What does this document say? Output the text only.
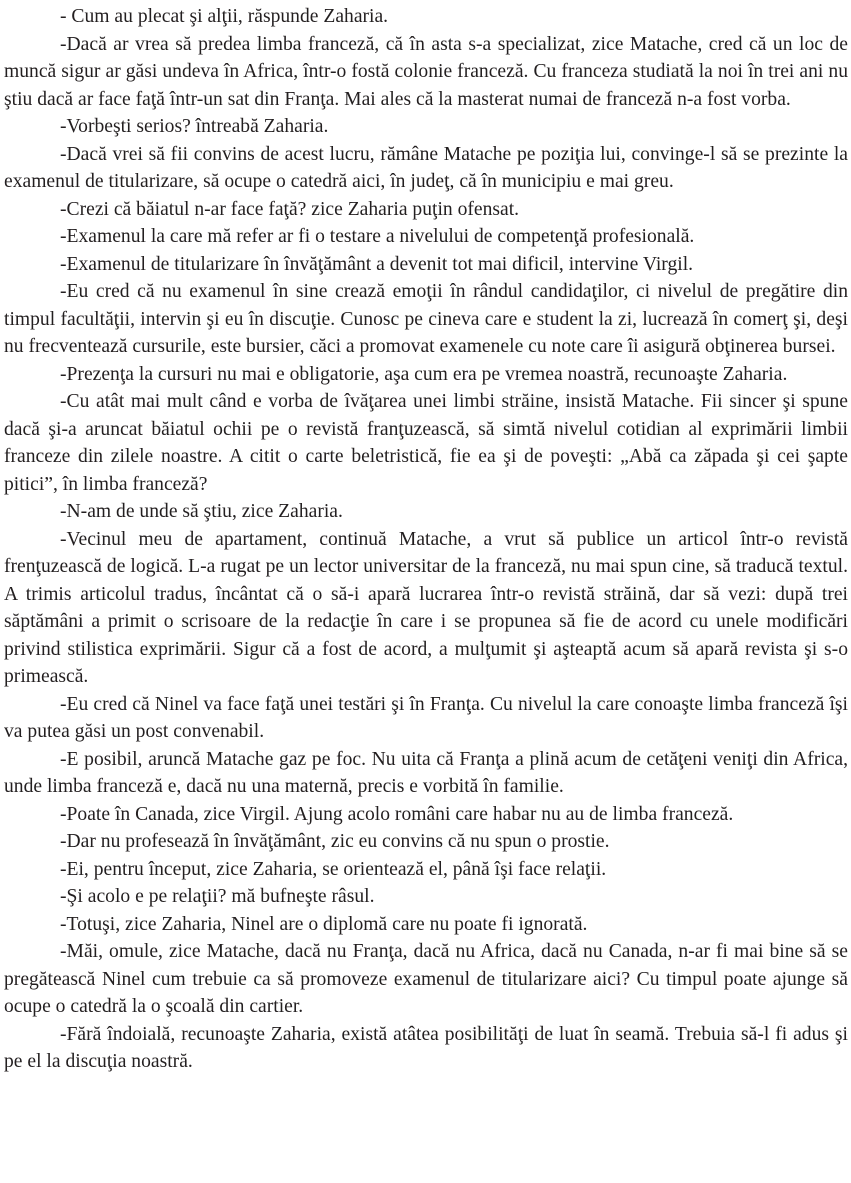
- Cum au plecat şi alţii, răspunde Zaharia.

-Dacă ar vrea să predea limba franceză, că în asta s-a specializat, zice Matache, cred că un loc de muncă sigur ar găsi undeva în Africa, într-o fostă colonie franceză. Cu franceza studiată la noi în trei ani nu ştiu dacă ar face faţă într-un sat din Franţa. Mai ales că la masterat numai de franceză n-a fost vorba.

-Vorbeşti serios? întreabă Zaharia.

-Dacă vrei să fii convins de acest lucru, rămâne Matache pe poziţia lui, convinge-l să se prezinte la examenul de titularizare, să ocupe o catedră aici, în judeţ, că în municipiu e mai greu.

-Crezi că băiatul n-ar face faţă? zice Zaharia puţin ofensat.

-Examenul la care mă refer ar fi o testare a nivelului de competenţă profesională.

-Examenul de titularizare în învăţământ a devenit tot mai dificil, intervine Virgil.

-Eu cred că nu examenul în sine crează emoţii în rândul candidaţilor, ci nivelul de pregătire din timpul facultăţii, intervin şi eu în discuţie. Cunosc pe cineva care e student la zi, lucrează în comerţ şi, deşi nu frecventează cursurile, este bursier, căci a promovat examenele cu note care îi asigură obţinerea bursei.

-Prezenţa la cursuri nu mai e obligatorie, aşa cum era pe vremea noastră, recunoaşte Zaharia.

-Cu atât mai mult când e vorba de îvăţarea unei limbi străine, insistă Matache. Fii sincer şi spune dacă şi-a aruncat băiatul ochii pe o revistă franţuzească, să simtă nivelul cotidian al exprimării limbii franceze din zilele noastre. A citit o carte beletristică, fie ea şi de poveşti: „Abă ca zăpada şi cei şapte pitici”, în limba franceză?

-N-am de unde să ştiu, zice Zaharia.

-Vecinul meu de apartament, continuă Matache, a vrut să publice un articol într-o revistă frenţuzească de logică. L-a rugat pe un lector universitar de la franceză, nu mai spun cine, să traducă textul. A trimis articolul tradus, încântat că o să-i apară lucrarea într-o revistă străină, dar să vezi: după trei săptămâni a primit o scrisoare de la redacţie în care i se propunea să fie de acord cu unele modificări privind stilistica exprimării. Sigur că a fost de acord, a mulţumit şi aşteaptă acum să apară revista şi s-o primească.

-Eu cred că Ninel va face faţă unei testări şi în Franţa. Cu nivelul la care conoaşte limba franceză îşi va putea găsi un post convenabil.

-E posibil, aruncă Matache gaz pe foc. Nu uita că Franţa a plină acum de cetăţeni veniţi din Africa, unde limba franceză e, dacă nu una maternă, precis e vorbită în familie.

-Poate în Canada, zice Virgil. Ajung acolo români care habar nu au de limba franceză.

-Dar nu profesează în învăţământ, zic eu convins că nu spun o prostie.

-Ei, pentru început, zice Zaharia, se orientează el, până îşi face relaţii.

-Şi acolo e pe relaţii? mă bufneşte râsul.

-Totuşi, zice Zaharia, Ninel are o diplomă care nu poate fi ignorată.

-Măi, omule, zice Matache, dacă nu Franţa, dacă nu Africa, dacă nu Canada, n-ar fi mai bine să se pregătească Ninel cum trebuie ca să promoveze examenul de titularizare aici? Cu timpul poate ajunge să ocupe o catedră la o şcoală din cartier.

-Fără îndoială, recunoaşte Zaharia, există atâtea posibilităţi de luat în seamă. Trebuia să-l fi adus şi pe el la discuţia noastră.
